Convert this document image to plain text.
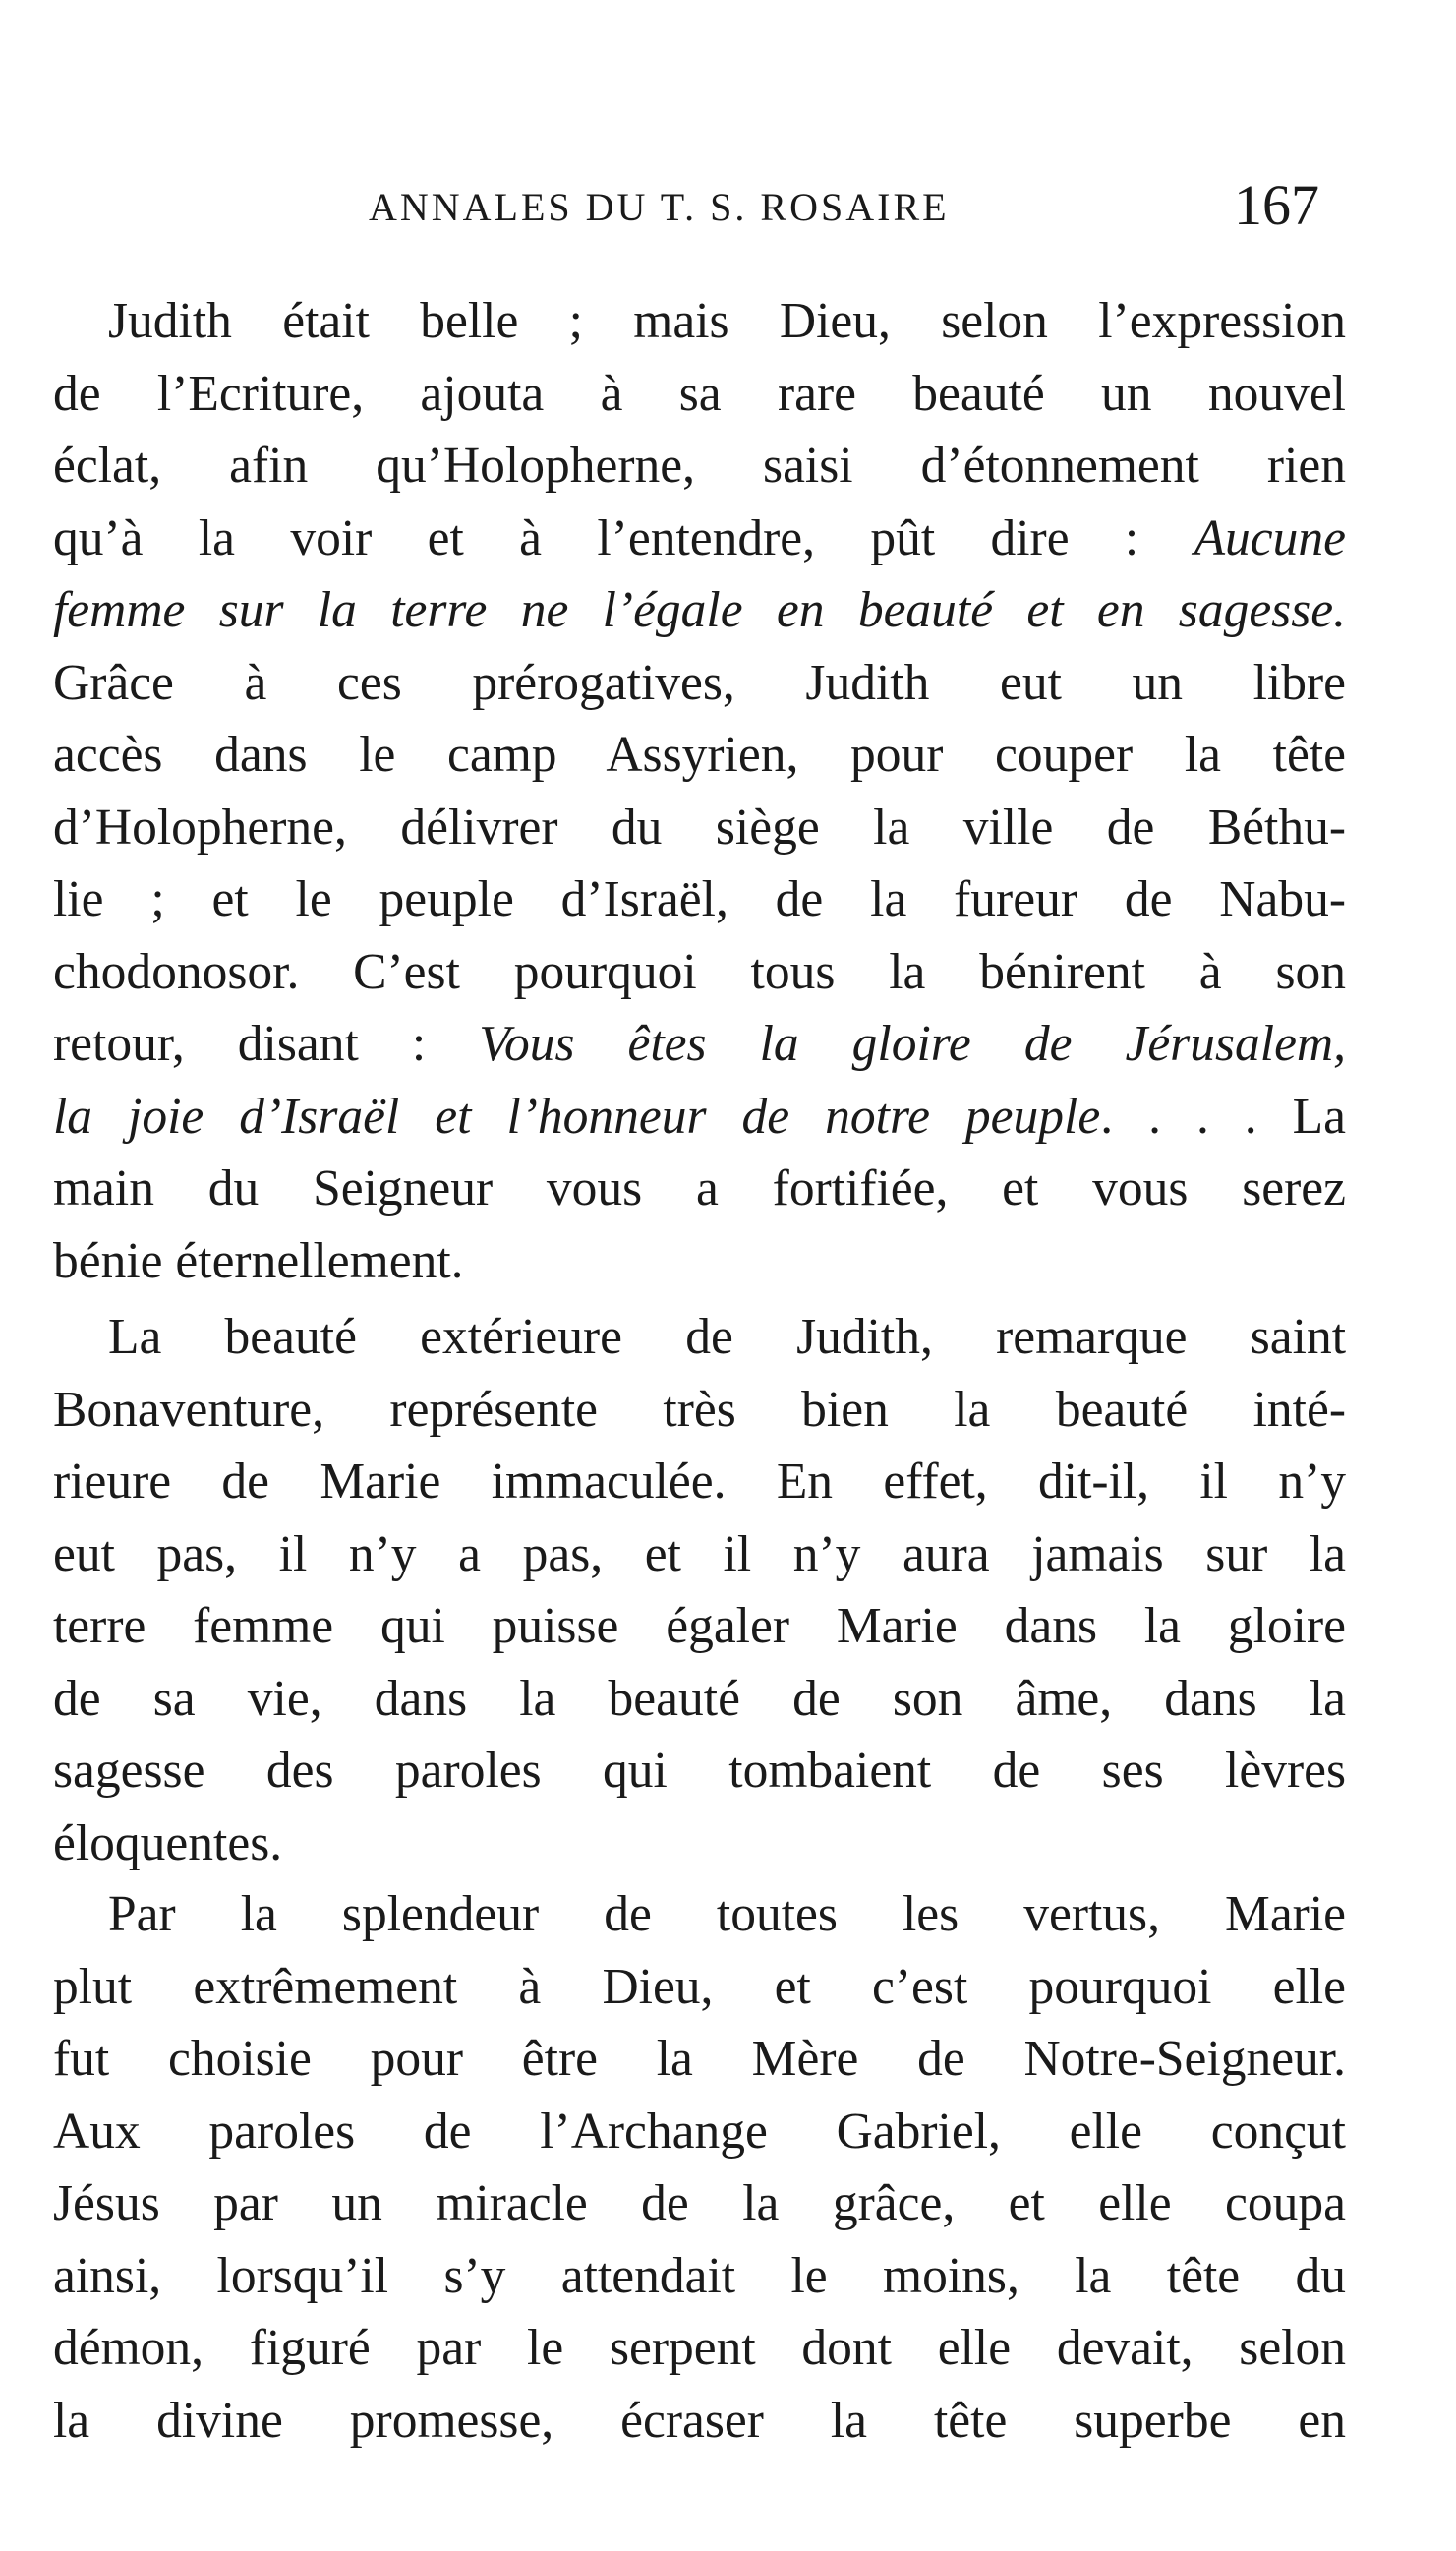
ANNALES DU T. S. ROSAIRE	167
Judith était belle ; mais Dieu, selon l’expression
de l’Ecriture, ajouta à sa rare beauté un nouvel
éclat, afin qu’Holopherne, saisi d’étonnement rien
qu’à la voir et à l’entendre, pût dire : Aucune
femme sur la terre ne l’égale en beauté et en sagesse.
Grâce à ces prérogatives, Judith eut un libre
accès dans le camp Assyrien, pour couper la tête
d’Holopherne, délivrer du siège la ville de Béthu-
lie ; et le peuple d’Israël, de la fureur de Nabu-
chodonosor. C’est pourquoi tous la bénirent à son
retour, disant : Vous êtes la gloire de Jérusalem,
la joie d’Israël et l’honneur de notre peuple. . . . La
main du Seigneur vous a fortifiée, et vous serez
bénie éternellement.
La beauté extérieure de Judith, remarque saint
Bonaventure, représente très bien la beauté inté-
rieure de Marie immaculée. En effet, dit-il, il n’y
eut pas, il n’y a pas, et il n’y aura jamais sur la
terre femme qui puisse égaler Marie dans la gloire
de sa vie, dans la beauté de son âme, dans la
sagesse des paroles qui tombaient de ses lèvres
éloquentes.
Par la splendeur de toutes les vertus, Marie
plut extrêmement à Dieu, et c’est pourquoi elle
fut choisie pour être la Mère de Notre-Seigneur.
Aux paroles de l’Archange Gabriel, elle conçut
Jésus par un miracle de la grâce, et elle coupa
ainsi, lorsqu’il s’y attendait le moins, la tête du
démon, figuré par le serpent dont elle devait, selon
la divine promesse, écraser la tête superbe en
